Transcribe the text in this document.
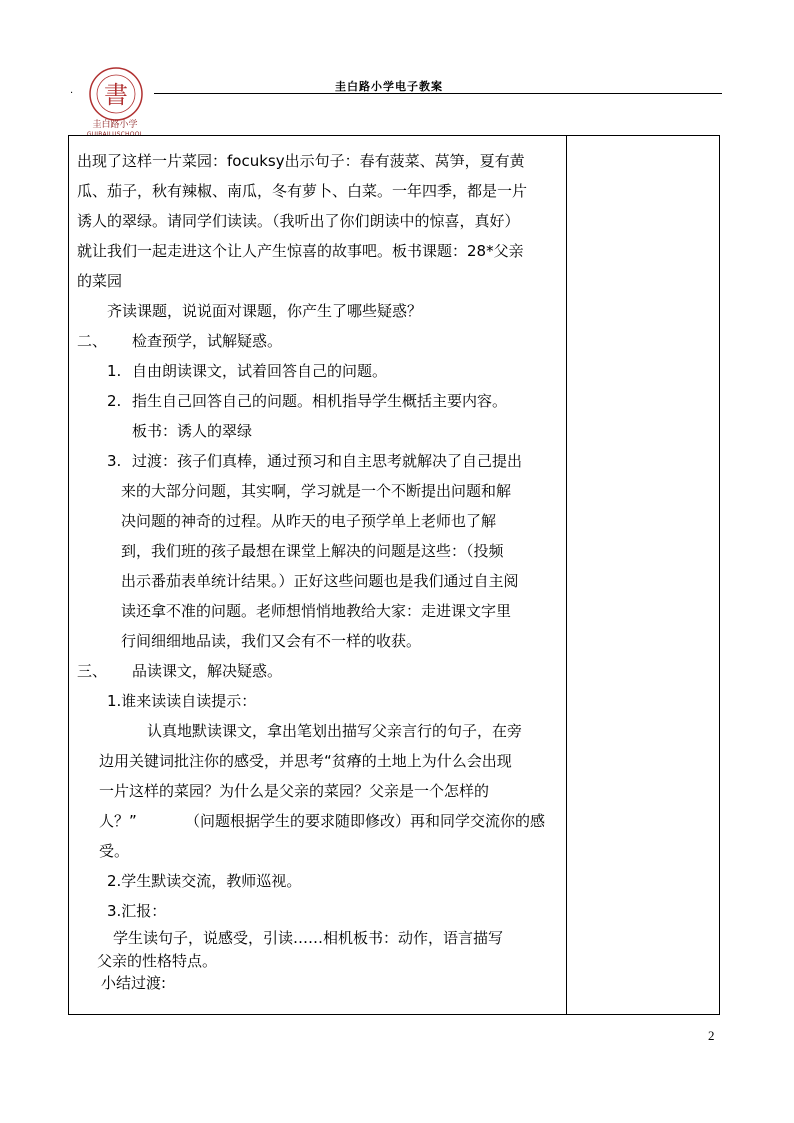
· 書
圭白路小学
GUIBAILUSCHOOL
圭白路小学电子教案
出现了这样一片菜园：focuksy出示句子：春有菠菜、莴笋，夏有黄
瓜、茄子，秋有辣椒、南瓜，冬有萝卜、白菜。一年四季，都是一片
诱人的翠绿。请同学们读读。（我听出了你们朗读中的惊喜，真好）
就让我们一起走进这个让人产生惊喜的故事吧。板书课题：28*父亲
的菜园
齐读课题，说说面对课题，你产生了哪些疑惑？
二、 检查预学，试解疑惑。
1. 自由朗读课文，试着回答自己的问题。
2. 指生自己回答自己的问题。相机指导学生概括主要内容。
板书：诱人的翠绿
3. 过渡：孩子们真棒，通过预习和自主思考就解决了自己提出
来的大部分问题，其实啊，学习就是一个不断提出问题和解
决问题的神奇的过程。从昨天的电子预学单上老师也了解
到，我们班的孩子最想在课堂上解决的问题是这些：（投频
出示番茄表单统计结果。）正好这些问题也是我们通过自主阅
读还拿不准的问题。老师想悄悄地教给大家：走进课文字里
行间细细地品读，我们又会有不一样的收获。
三、 品读课文，解决疑惑。
1.谁来读读自读提示：
认真地默读课文，拿出笔划出描写父亲言行的句子，在旁
边用关键词批注你的感受，并思考“贫瘠的土地上为什么会出现
一片这样的菜园？为什么是父亲的菜园？父亲是一个怎样的
人？”	（问题根据学生的要求随即修改）再和同学交流你的感
受。
2.学生默读交流，教师巡视。
3.汇报：
学生读句子，说感受，引读……相机板书：动作，语言描写
父亲的性格特点。
小结过渡:
2
